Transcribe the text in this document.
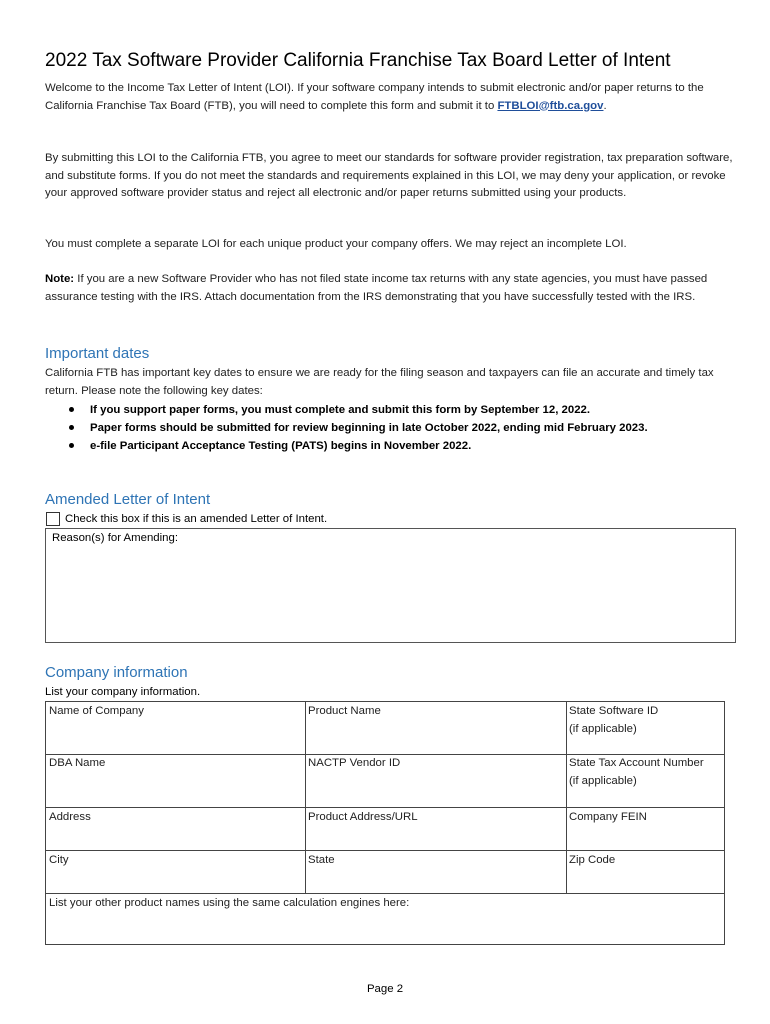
2022 Tax Software Provider California Franchise Tax Board Letter of Intent

Welcome to the Income Tax Letter of Intent (LOI). If your software company intends to submit electronic and/or paper returns to the California Franchise Tax Board (FTB), you will need to complete this form and submit it to FTBLOI@ftb.ca.gov.

By submitting this LOI to the California FTB, you agree to meet our standards for software provider registration, tax preparation software, and substitute forms. If you do not meet the standards and requirements explained in this LOI, we may deny your application, or revoke your approved software provider status and reject all electronic and/or paper returns submitted using your products.

You must complete a separate LOI for each unique product your company offers. We may reject an incomplete LOI.

Note: If you are a new Software Provider who has not filed state income tax returns with any state agencies, you must have passed assurance testing with the IRS. Attach documentation from the IRS demonstrating that you have successfully tested with the IRS.

Important dates

California FTB has important key dates to ensure we are ready for the filing season and taxpayers can file an accurate and timely tax return. Please note the following key dates:

If you support paper forms, you must complete and submit this form by September 12, 2022.
Paper forms should be submitted for review beginning in late October 2022, ending mid February 2023.
e-file Participant Acceptance Testing (PATS) begins in November 2022.
Amended Letter of Intent
Check this box if this is an amended Letter of Intent.
Reason(s) for Amending:
Company information
List your company information.
Name of Company	Product Name	State Software ID
(if applicable)
DBA Name	NACTP Vendor ID	State Tax Account Number
(if applicable)
Address	Product Address/URL	Company FEIN
City	State	Zip Code
List your other product names using the same calculation engines here:
Page 2
